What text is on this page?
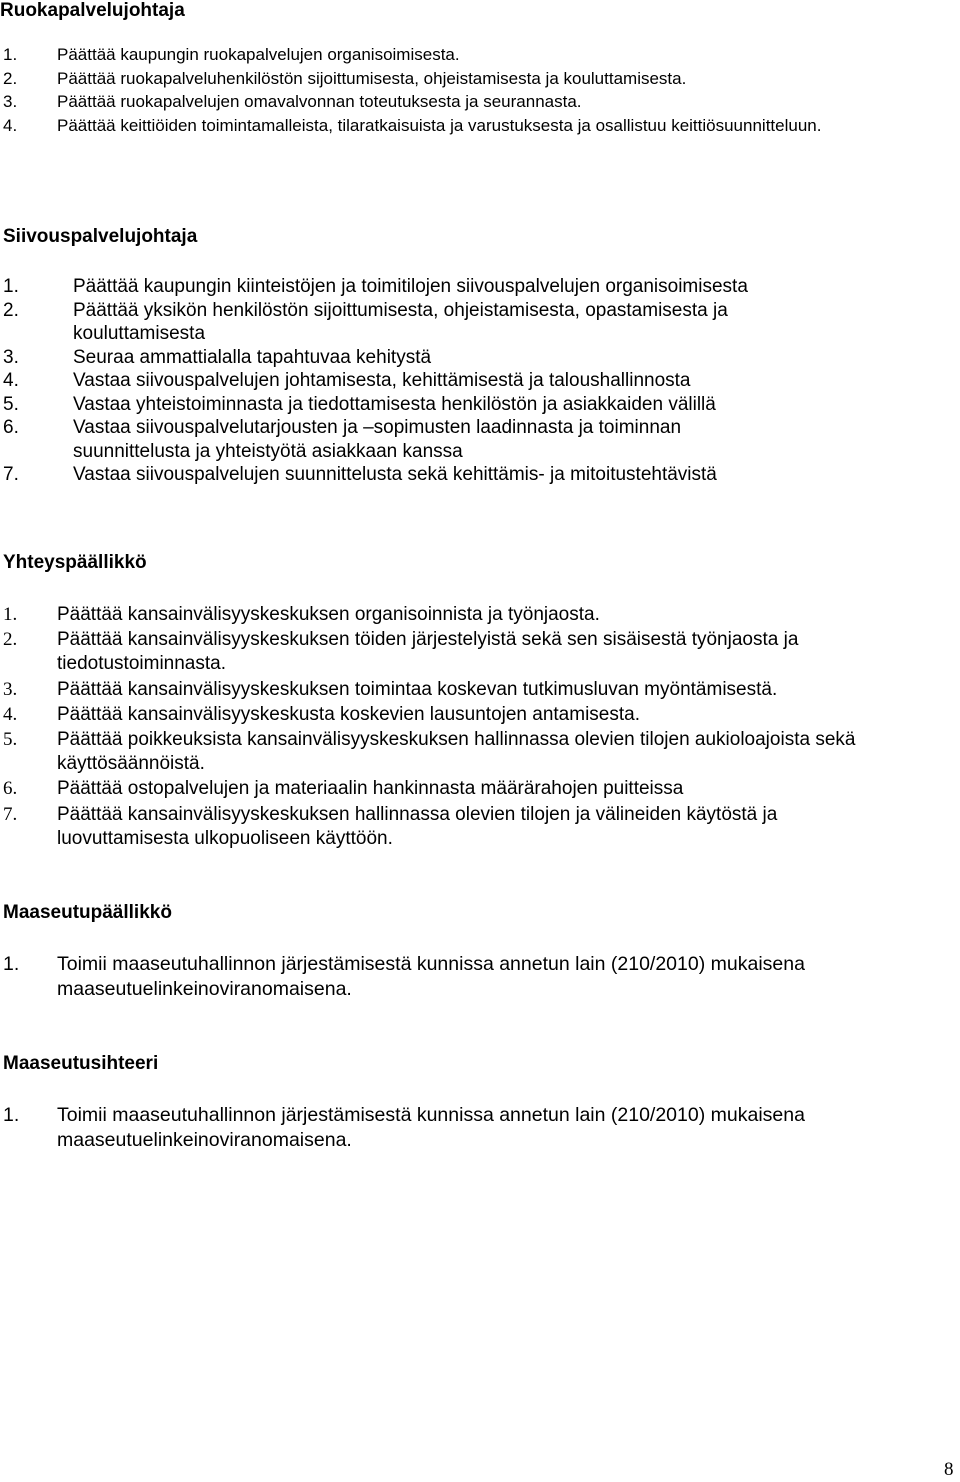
Ruokapalvelujohtaja
1. Päättää kaupungin ruokapalvelujen organisoimisesta.
2. Päättää ruokapalveluhenkilöstön sijoittumisesta, ohjeistamisesta ja kouluttamisesta.
3. Päättää ruokapalvelujen omavalvonnan toteutuksesta ja seurannasta.
4. Päättää keittiöiden toimintamalleista, tilaratkaisuista ja varustuksesta ja osallistuu keittiösuunnitteluun.
Siivouspalvelujohtaja
1.	Päättää kaupungin kiinteistöjen ja toimitilojen siivouspalvelujen organisoimisesta
2.	Päättää yksikön henkilöstön sijoittumisesta, ohjeistamisesta, opastamisesta ja kouluttamisesta
3.	Seuraa ammattialalla tapahtuvaa kehitystä
4.	Vastaa siivouspalvelujen johtamisesta, kehittämisestä ja taloushallinnosta
5.	Vastaa yhteistoiminnasta ja tiedottamisesta henkilöstön ja asiakkaiden välillä
6.	Vastaa siivouspalvelutarjousten ja –sopimusten laadinnasta ja toiminnan suunnittelusta ja yhteistyötä asiakkaan kanssa
7.	Vastaa siivouspalvelujen suunnittelusta sekä kehittämis- ja mitoitustehtävistä
Yhteyspäällikkö
1. Päättää kansainvälisyyskeskuksen organisoinnista ja työnjaosta.
2. Päättää kansainvälisyyskeskuksen töiden järjestelyistä sekä sen sisäisestä työnjaosta ja tiedotustoiminnasta.
3. Päättää kansainvälisyyskeskuksen toimintaa koskevan tutkimusluvan myöntämisestä.
4. Päättää kansainvälisyyskeskusta koskevien lausuntojen antamisesta.
5. Päättää poikkeuksista kansainvälisyyskeskuksen hallinnassa olevien tilojen aukioloajoista sekä käyttösäännöistä.
6. Päättää ostopalvelujen ja materiaalin hankinnasta määrärahojen puitteissa
7. Päättää kansainvälisyyskeskuksen hallinnassa olevien tilojen ja välineiden käytöstä ja luovuttamisesta ulkopuoliseen käyttöön.
Maaseutupäällikkö
1. Toimii maaseutuhallinnon järjestämisestä kunnissa annetun lain (210/2010) mukaisena maaseutuelinkeinoviranomaisena.
Maaseutusihteeri
1. Toimii maaseutuhallinnon järjestämisestä kunnissa annetun lain (210/2010) mukaisena maaseutuelinkeinoviranomaisena.
8
